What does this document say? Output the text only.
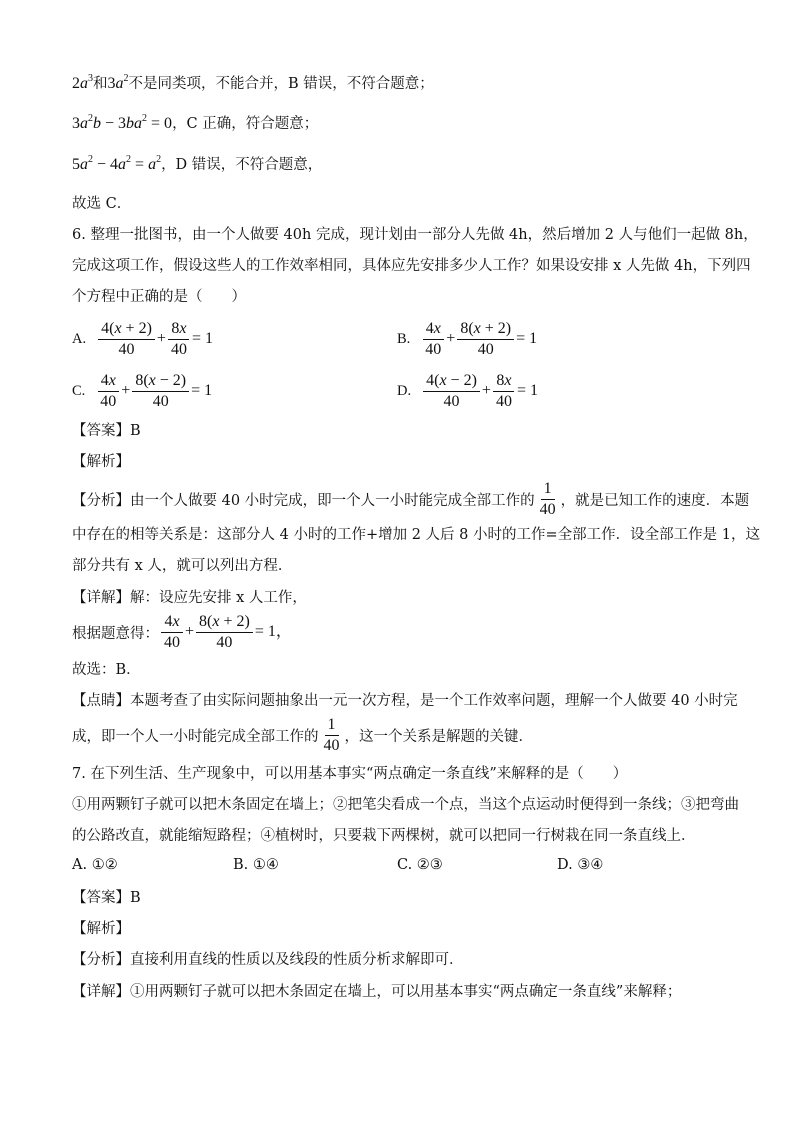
$2a^3$和$3a^2$不是同类项，不能合并，B 错误，不符合题意；
$3a^2b - 3ba^2 = 0$，C 正确，符合题意；
$5a^2 - 4a^2 = a^2$，D 错误，不符合题意，
故选 C．
6. 整理一批图书，由一个人做要 40h 完成，现计划由一部分人先做 4h，然后增加 2 人与他们一起做 8h，
完成这项工作，假设这些人的工作效率相同，具体应先安排多少人工作？如果设安排 x 人先做 4h，下列四
个方程中正确的是（　　）
A. $\frac{4(x + 2)}{40} + \frac{8x}{40} = 1$	B. $\frac{4x}{40} + \frac{8(x + 2)}{40} = 1$
C. $\frac{4x}{40} + \frac{8(x - 2)}{40} = 1$	D. $\frac{4(x - 2)}{40} + \frac{8x}{40} = 1$
【答案】B
【解析】
【分析】由一个人做要 40 小时完成，即一个人一小时能完成全部工作的 $\frac{1}{40}$ ，就是已知工作的速度．本题
中存在的相等关系是：这部分人 4 小时的工作+增加 2 人后 8 小时的工作=全部工作．设全部工作是 1，这
部分共有 x 人，就可以列出方程．
【详解】解：设应先安排 x 人工作，
根据题意得： $\frac{4x}{40} + \frac{8(x + 2)}{40} = 1$，
故选：B．
【点睛】本题考查了由实际问题抽象出一元一次方程，是一个工作效率问题，理解一个人做要 40 小时完
成，即一个人一小时能完成全部工作的 $\frac{1}{40}$ ，这一个关系是解题的关键．
7. 在下列生活、生产现象中，可以用基本事实“两点确定一条直线”来解释的是（　　）
①用两颗钉子就可以把木条固定在墙上；②把笔尖看成一个点，当这个点运动时便得到一条线；③把弯曲
的公路改直，就能缩短路程；④植树时，只要栽下两棵树，就可以把同一行树栽在同一条直线上．
A. ①②	B. ①④	C. ②③	D. ③④
【答案】B
【解析】
【分析】直接利用直线的性质以及线段的性质分析求解即可．
【详解】①用两颗钉子就可以把木条固定在墙上，可以用基本事实“两点确定一条直线”来解释；
